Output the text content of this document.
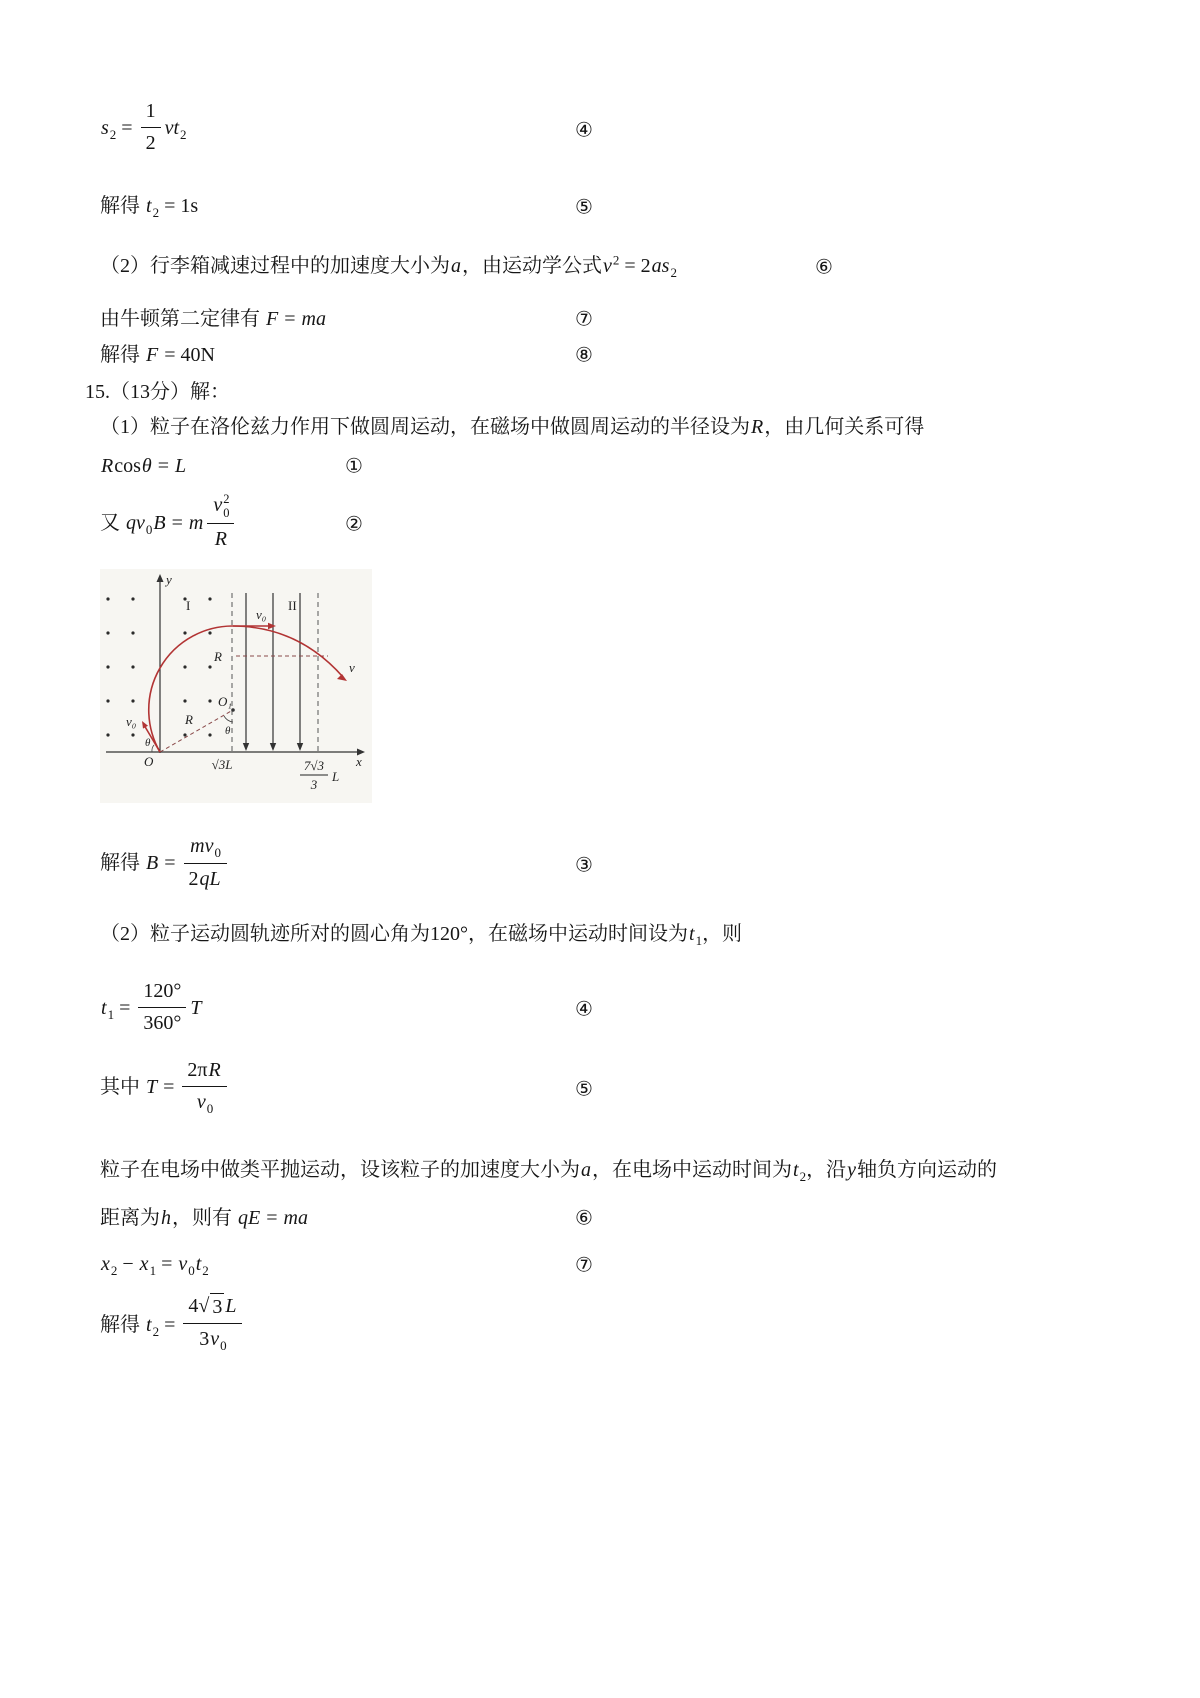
$s_2 = \frac{1}{2} vt_2$	④
解得 $t_2 = 1s$	⑤
（2）行李箱减速过程中的加速度大小为a，由运动学公式$v^2 = 2as_2$	⑥
由牛顿第二定律有 F = ma	⑦
解得 F = 40N	⑧
15.（13分）解：
（1）粒子在洛伦兹力作用下做圆周运动，在磁场中做圆周运动的半径设为R，由几何关系可得
Rcosθ = L	①
又 $qv_0B = m$ v 2
0
R	②
y
x
O
O₁
I	II
v₀
v₀
v
R
R
θ
θ
√3L	7√3
3
L
解得 $B = \frac{mv_0}{2qL}$	③
（2）粒子运动圆轨迹所对的圆心角为120°，在磁场中运动时间设为$t_1$，则
$t_1 = \frac{120^\circ}{360^\circ}$ T	④
其中 $T = \frac{2\pi R}{v_0}$	⑤
粒子在电场中做类平抛运动，设该粒子的加速度大小为a，在电场中运动时间为$t_2$，沿y轴负方向运动的
距离为h，则有 qE = ma	⑥
$x_2 - x_1 = v_0t_2$	⑦
解得 $t_2 = \frac{4 √ 3 L}{3v_0}$
